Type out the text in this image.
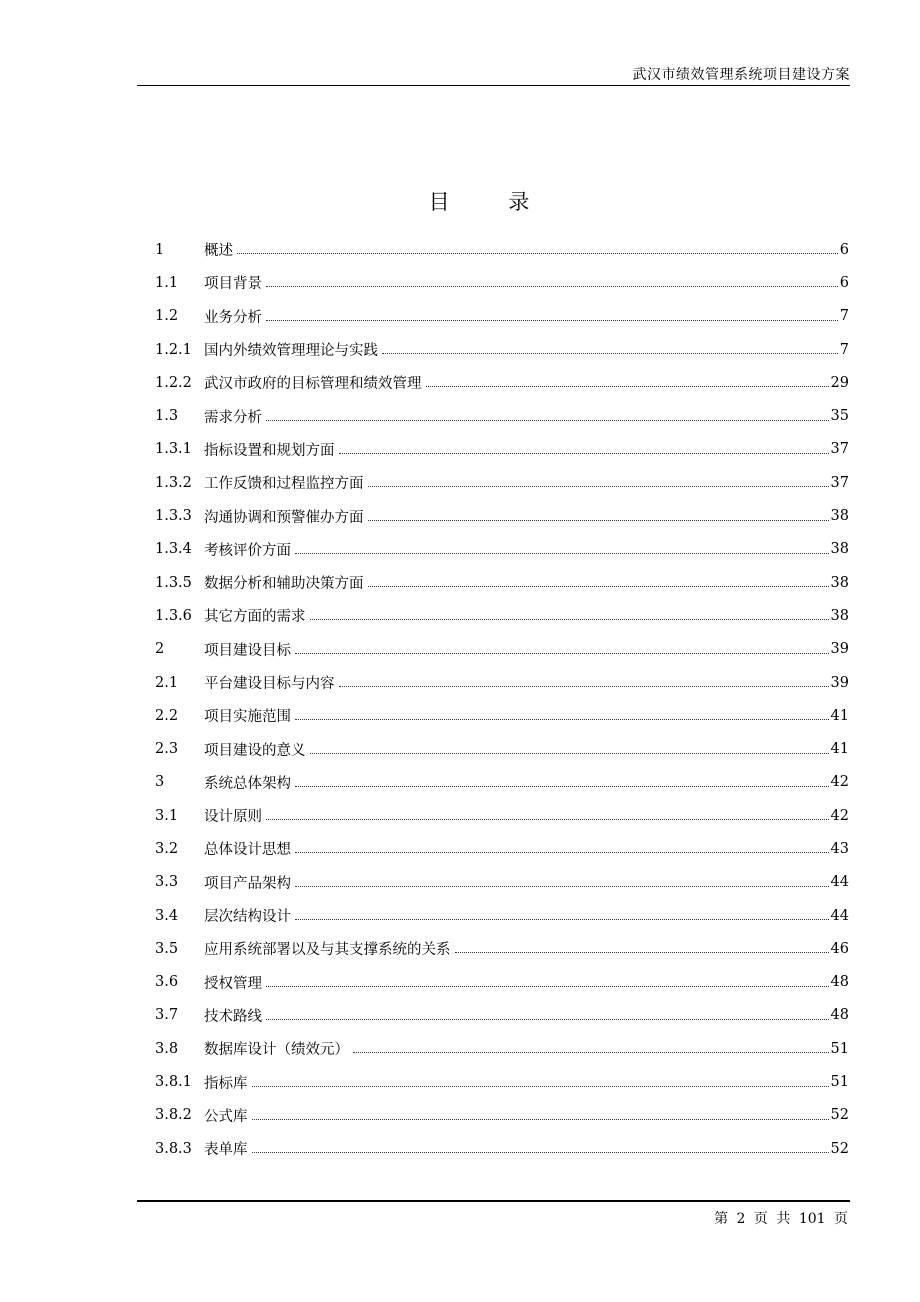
武汉市绩效管理系统项目建设方案
目 录
1	概述	6
1.1	项目背景	6
1.2	业务分析	7
1.2.1 国内外绩效管理理论与实践	7
1.2.2 武汉市政府的目标管理和绩效管理	29
1.3	需求分析	35
1.3.1 指标设置和规划方面	37
1.3.2 工作反馈和过程监控方面	37
1.3.3 沟通协调和预警催办方面	38
1.3.4 考核评价方面	38
1.3.5 数据分析和辅助决策方面	38
1.3.6 其它方面的需求	38
2	项目建设目标	39
2.1	平台建设目标与内容	39
2.2	项目实施范围	41
2.3	项目建设的意义	41
3	系统总体架构	42
3.1	设计原则	42
3.2	总体设计思想	43
3.3	项目产品架构	44
3.4	层次结构设计	44
3.5	应用系统部署以及与其支撑系统的关系	46
3.6	授权管理	48
3.7	技术路线	48
3.8	数据库设计（绩效元）	51
3.8.1 指标库	51
3.8.2 公式库	52
3.8.3 表单库	52
第 2 页 共 101 页
